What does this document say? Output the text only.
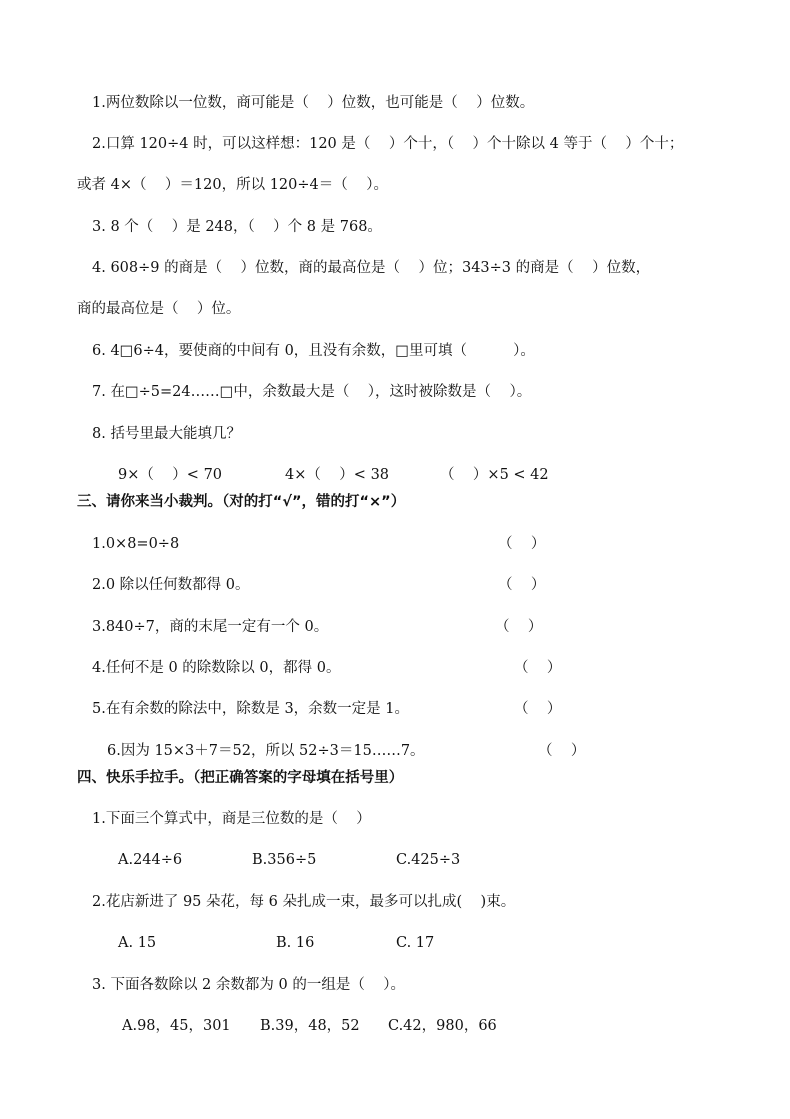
1.两位数除以一位数，商可能是（    ）位数，也可能是（    ）位数。
2.口算 120÷4 时，可以这样想：120 是（    ）个十，（    ）个十除以 4 等于（    ）个十；
或者 4×（    ）＝120，所以 120÷4＝（    ）。
3. 8 个（    ）是 248，（    ）个 8 是 768。
4. 608÷9 的商是（    ）位数，商的最高位是（    ）位；343÷3 的商是（    ）位数，
商的最高位是（    ）位。
6. 4□6÷4，要使商的中间有 0，且没有余数，□里可填（          ）。
7. 在□÷5=24……□中，余数最大是（    ），这时被除数是（    ）。
8. 括号里最大能填几？
9×（    ）< 70	4×（    ）< 38	（    ）×5 < 42
三、请你来当小裁判。（对的打“√”，错的打“×”）
1.0×8=0÷8	（    ）
2.0 除以任何数都得 0。	（    ）
3.840÷7，商的末尾一定有一个 0。	（    ）
4.任何不是 0 的除数除以 0，都得 0。	（    ）
5.在有余数的除法中，除数是 3，余数一定是 1。	（    ）
6.因为 15×3＋7＝52，所以 52÷3＝15……7。	（    ）
四、快乐手拉手。（把正确答案的字母填在括号里）
1.下面三个算式中，商是三位数的是（    ）
A.244÷6	B.356÷5	C.425÷3
2.花店新进了 95 朵花，每 6 朵扎成一束，最多可以扎成(    )束。
A. 15	B. 16	C. 17
3. 下面各数除以 2 余数都为 0 的一组是（    ）。
A.98，45，301 B.39，48，52 C.42，980，66
